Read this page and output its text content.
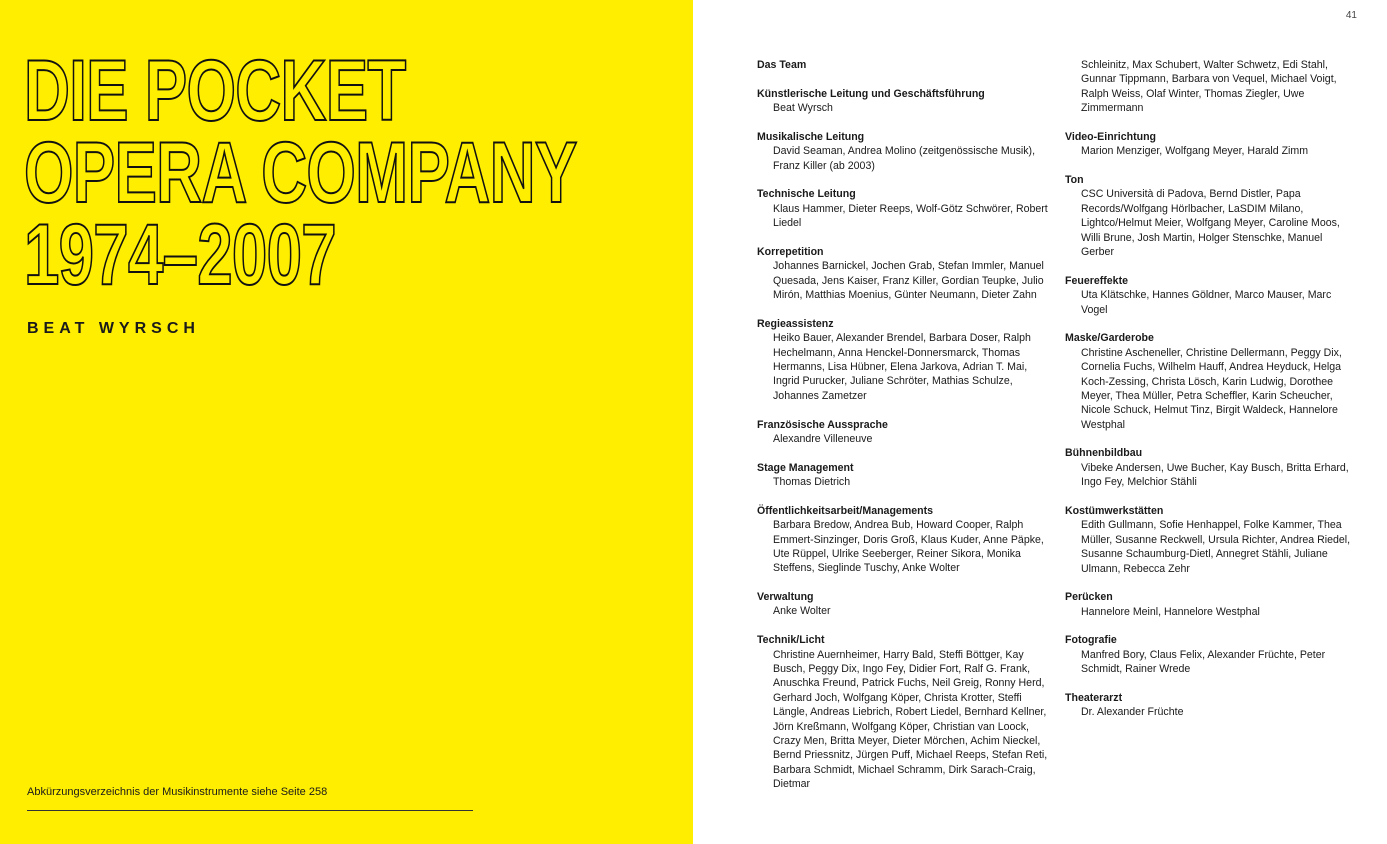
DIE POCKET
OPERA COMPANY
1974–2007
BEAT WYRSCH
Abkürzungsverzeichnis der Musikinstrumente siehe Seite 258
41
Das Team
Künstlerische Leitung und Geschäftsführung
Beat Wyrsch
Musikalische Leitung
David Seaman, Andrea Molino (zeitgenössische Musik), Franz Killer (ab 2003)
Technische Leitung
Klaus Hammer, Dieter Reeps, Wolf-Götz Schwörer, Robert Liedel
Korrepetition
Johannes Barnickel, Jochen Grab, Stefan Immler, Manuel Quesada, Jens Kaiser, Franz Killer, Gordian Teupke, Julio Mirón, Matthias Moenius, Günter Neumann, Dieter Zahn
Regieassistenz
Heiko Bauer, Alexander Brendel, Barbara Doser, Ralph Hechelmann, Anna Henckel-Donnersmarck, Thomas Hermanns, Lisa Hübner, Elena Jarkova, Adrian T. Mai, Ingrid Purucker, Juliane Schröter, Mathias Schulze, Johannes Zametzer
Französische Aussprache
Alexandre Villeneuve
Stage Management
Thomas Dietrich
Öffentlichkeitsarbeit/Managements
Barbara Bredow, Andrea Bub, Howard Cooper, Ralph Emmert-Sinzinger, Doris Groß, Klaus Kuder, Anne Päpke, Ute Rüppel, Ulrike Seeberger, Reiner Sikora, Monika Steffens, Sieglinde Tuschy, Anke Wolter
Verwaltung
Anke Wolter
Technik/Licht
Christine Auernheimer, Harry Bald, Steffi Böttger, Kay Busch, Peggy Dix, Ingo Fey, Didier Fort, Ralf G. Frank, Anuschka Freund, Patrick Fuchs, Neil Greig, Ronny Herd, Gerhard Joch, Wolfgang Köper, Christa Krotter, Steffi Längle, Andreas Liebrich, Robert Liedel, Bernhard Kellner, Jörn Kreßmann, Wolfgang Köper, Christian van Loock, Crazy Men, Britta Meyer, Dieter Mörchen, Achim Nieckel, Bernd Priessnitz, Jürgen Puff, Michael Reeps, Stefan Reti, Barbara Schmidt, Michael Schramm, Dirk Sarach-Craig, Dietmar
Schleinitz, Max Schubert, Walter Schwetz, Edi Stahl, Gunnar Tippmann, Barbara von Vequel, Michael Voigt, Ralph Weiss, Olaf Winter, Thomas Ziegler, Uwe Zimmermann
Video-Einrichtung
Marion Menziger, Wolfgang Meyer, Harald Zimm
Ton
CSC Università di Padova, Bernd Distler, Papa Records/Wolfgang Hörlbacher, LaSDIM Milano, Lightco/Helmut Meier, Wolfgang Meyer, Caroline Moos, Willi Brune, Josh Martin, Holger Stenschke, Manuel Gerber
Feuereffekte
Uta Klätschke, Hannes Göldner, Marco Mauser, Marc Vogel
Maske/Garderobe
Christine Ascheneller, Christine Dellermann, Peggy Dix, Cornelia Fuchs, Wilhelm Hauff, Andrea Heyduck, Helga Koch-Zessing, Christa Lösch, Karin Ludwig, Dorothee Meyer, Thea Müller, Petra Scheffler, Karin Scheucher, Nicole Schuck, Helmut Tinz, Birgit Waldeck, Hannelore Westphal
Bühnenbildbau
Vibeke Andersen, Uwe Bucher, Kay Busch, Britta Erhard, Ingo Fey, Melchior Stähli
Kostümwerkstätten
Edith Gullmann, Sofie Henhappel, Folke Kammer, Thea Müller, Susanne Reckwell, Ursula Richter, Andrea Riedel, Susanne Schaumburg-Dietl, Annegret Stähli, Juliane Ulmann, Rebecca Zehr
Perücken
Hannelore Meinl, Hannelore Westphal
Fotografie
Manfred Bory, Claus Felix, Alexander Früchte, Peter Schmidt, Rainer Wrede
Theaterarzt
Dr. Alexander Früchte
